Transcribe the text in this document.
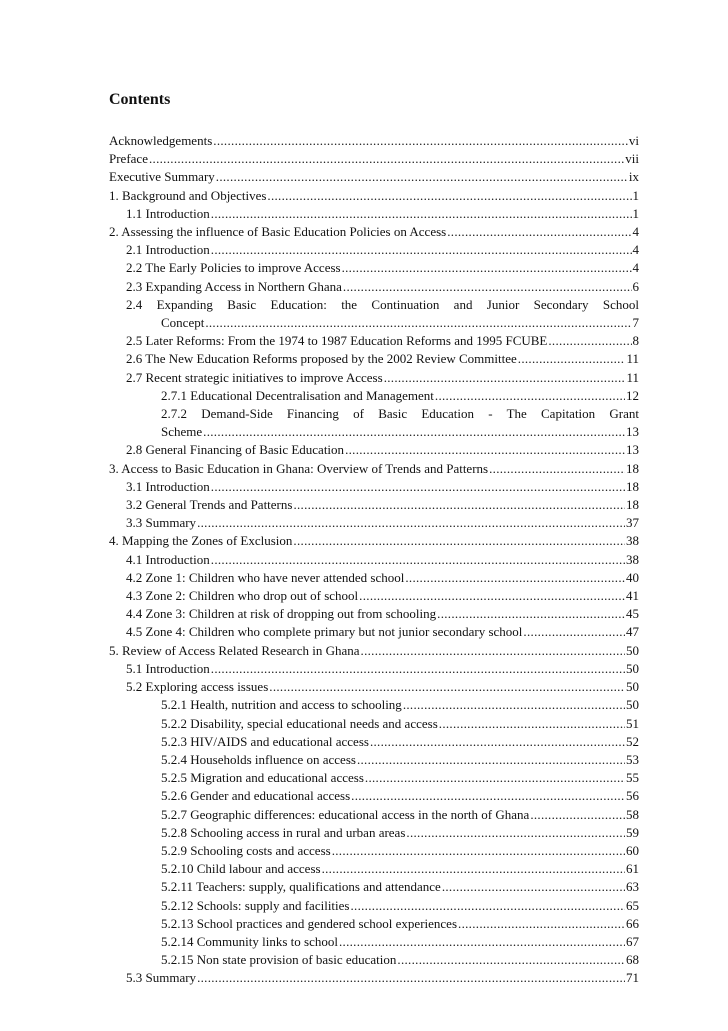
Contents
Acknowledgements .....	vi
Preface .....	vii
Executive Summary .....	ix
1. Background and Objectives .....	1
1.1 Introduction .....	1
2. Assessing the influence of Basic Education Policies on Access .....	4
2.1 Introduction .....	4
2.2 The Early Policies to improve Access .....	4
2.3 Expanding Access in Northern Ghana .....	6
2.4 Expanding Basic Education: the Continuation and Junior Secondary School
Concept .....	7
2.5 Later Reforms: From the 1974 to 1987 Education Reforms and 1995 FCUBE .....	8
2.6 The New Education Reforms proposed by the 2002 Review Committee .....	11
2.7 Recent strategic initiatives to improve Access .....	11
2.7.1 Educational Decentralisation and Management .....	12
2.7.2 Demand-Side Financing of Basic Education - The Capitation Grant
Scheme .....	13
2.8 General Financing of Basic Education .....	13
3. Access to Basic Education in Ghana: Overview of Trends and Patterns .....	18
3.1 Introduction .....	18
3.2 General Trends and Patterns .....	18
3.3 Summary .....	37
4. Mapping the Zones of Exclusion .....	38
4.1 Introduction .....	38
4.2 Zone 1: Children who have never attended school .....	40
4.3 Zone 2: Children who drop out of school .....	41
4.4 Zone 3: Children at risk of dropping out from schooling .....	45
4.5 Zone 4: Children who complete primary but not junior secondary school .....	47
5. Review of Access Related Research in Ghana .....	50
5.1 Introduction .....	50
5.2 Exploring access issues .....	50
5.2.1 Health, nutrition and access to schooling .....	50
5.2.2 Disability, special educational needs and access .....	51
5.2.3 HIV/AIDS and educational access .....	52
5.2.4 Households influence on access .....	53
5.2.5 Migration and educational access .....	55
5.2.6 Gender and educational access .....	56
5.2.7 Geographic differences: educational access in the north of Ghana .....	58
5.2.8 Schooling access in rural and urban areas .....	59
5.2.9 Schooling costs and access .....	60
5.2.10 Child labour and access .....	61
5.2.11 Teachers: supply, qualifications and attendance .....	63
5.2.12 Schools: supply and facilities .....	65
5.2.13 School practices and gendered school experiences .....	66
5.2.14 Community links to school .....	67
5.2.15 Non state provision of basic education .....	68
5.3 Summary .....	71
